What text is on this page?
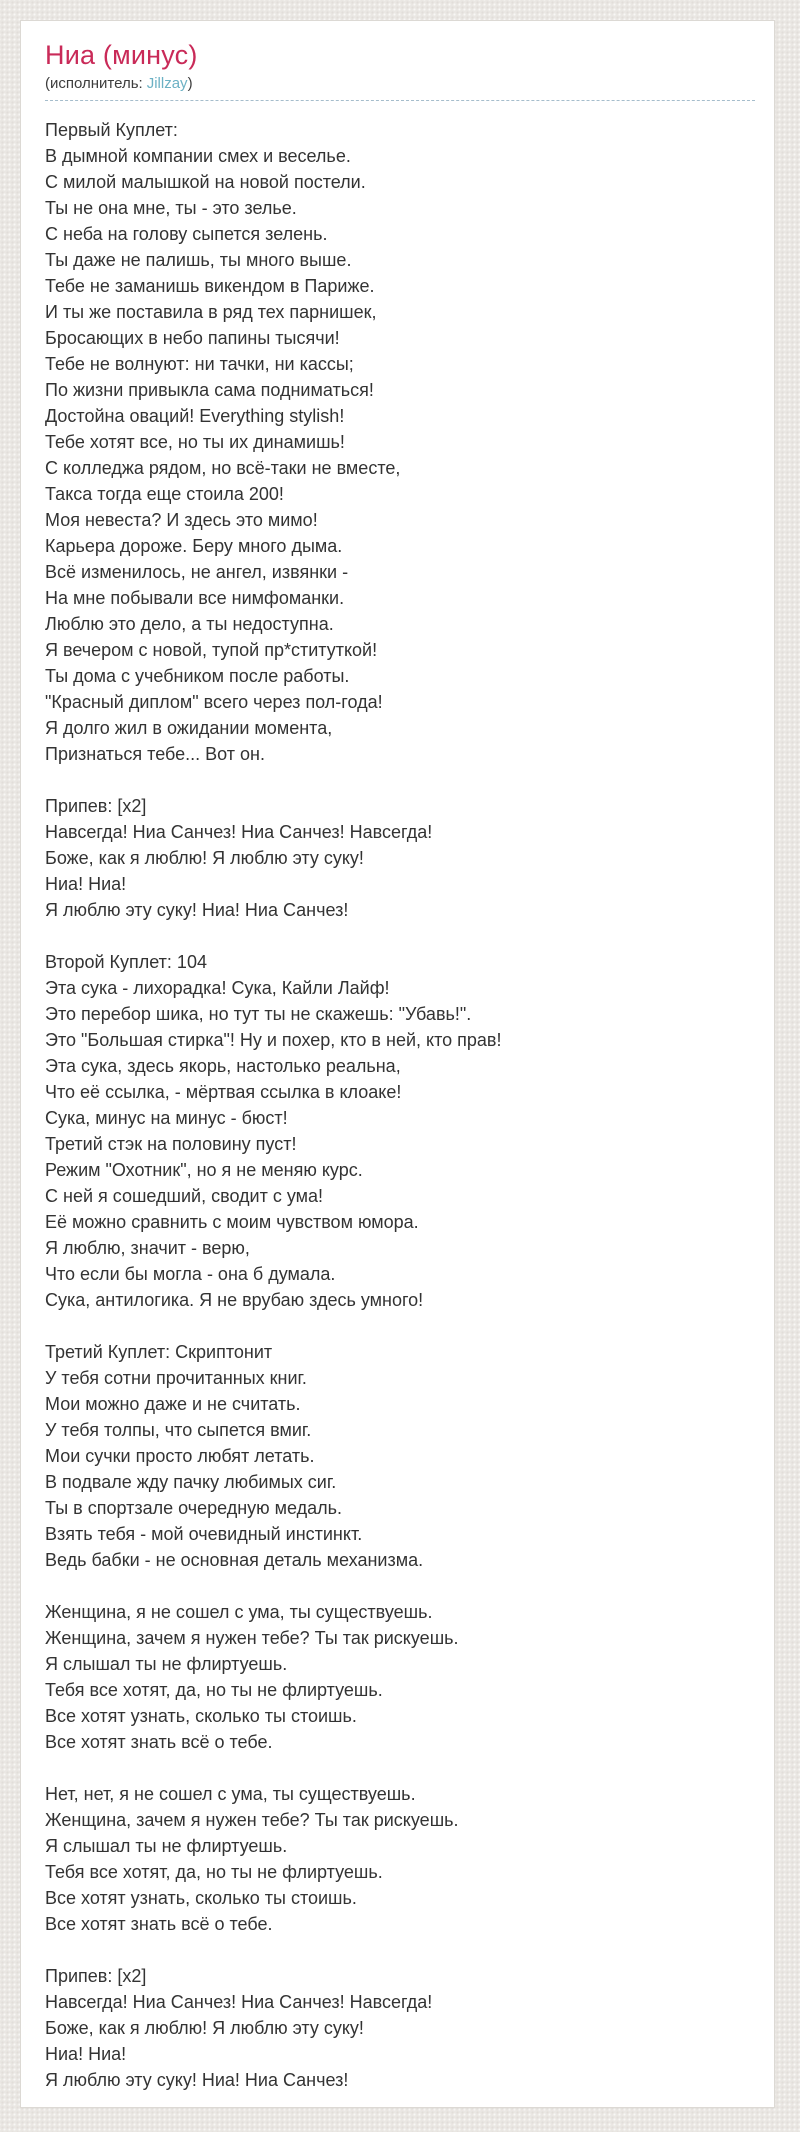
Ниа (минус)
(исполнитель: Jillzay)
Первый Куплет:
В дымной компании смех и веселье.
С милой малышкой на новой постели.
Ты не она мне, ты - это зелье.
С неба на голову сыпется зелень.
Ты даже не палишь, ты много выше.
Тебе не заманишь викендом в Париже.
И ты же поставила в ряд тех парнишек,
Бросающих в небо папины тысячи!
Тебе не волнуют: ни тачки, ни кассы;
По жизни привыкла сама подниматься!
Достойна оваций! Everything stylish!
Тебе хотят все, но ты их динамишь!
С колледжа рядом, но всё-таки не вместе,
Такса тогда еще стоила 200!
Моя невеста? И здесь это мимо!
Карьера дороже. Беру много дыма.
Всё изменилось, не ангел, извянки -
На мне побывали все нимфоманки.
Люблю это дело, а ты недоступна.
Я вечером с новой, тупой пр*ституткой!
Ты дома с учебником после работы.
"Красный диплом" всего через пол-года!
Я долго жил в ожидании момента,
Признаться тебе... Вот он.

Припев: [x2]
Навсегда! Ниа Санчез! Ниа Санчез! Навсегда!
Боже, как я люблю! Я люблю эту суку!
Ниа! Ниа!
Я люблю эту суку! Ниа! Ниа Санчез!

Второй Куплет: 104
Эта сука - лихорадка! Сука, Кайли Лайф!
Это перебор шика, но тут ты не скажешь: "Убавь!".
Это "Большая стирка"! Ну и похер, кто в ней, кто прав!
Эта сука, здесь якорь, настолько реальна,
Что её ссылка, - мёртвая ссылка в клоаке!
Сука, минус на минус - бюст!
Третий стэк на половину пуст!
Режим "Охотник", но я не меняю курс.
С ней я сошедший, сводит с ума!
Её можно сравнить с моим чувством юмора.
Я люблю, значит - верю,
Что если бы могла - она б думала.
Сука, антилогика. Я не врубаю здесь умного!

Третий Куплет: Скриптонит
У тебя сотни прочитанных книг.
Мои можно даже и не считать.
У тебя толпы, что сыпется вмиг.
Мои сучки просто любят летать.
В подвале жду пачку любимых сиг.
Ты в спортзале очередную медаль.
Взять тебя - мой очевидный инстинкт.
Ведь бабки - не основная деталь механизма.

Женщина, я не сошел с ума, ты существуешь.
Женщина, зачем я нужен тебе? Ты так рискуешь.
Я слышал ты не флиртуешь.
Тебя все хотят, да, но ты не флиртуешь.
Все хотят узнать, сколько ты стоишь.
Все хотят знать всё о тебе.

Нет, нет, я не сошел с ума, ты существуешь.
Женщина, зачем я нужен тебе? Ты так рискуешь.
Я слышал ты не флиртуешь.
Тебя все хотят, да, но ты не флиртуешь.
Все хотят узнать, сколько ты стоишь.
Все хотят знать всё о тебе.

Припев: [x2]
Навсегда! Ниа Санчез! Ниа Санчез! Навсегда!
Боже, как я люблю! Я люблю эту суку!
Ниа! Ниа!
Я люблю эту суку! Ниа! Ниа Санчез!
